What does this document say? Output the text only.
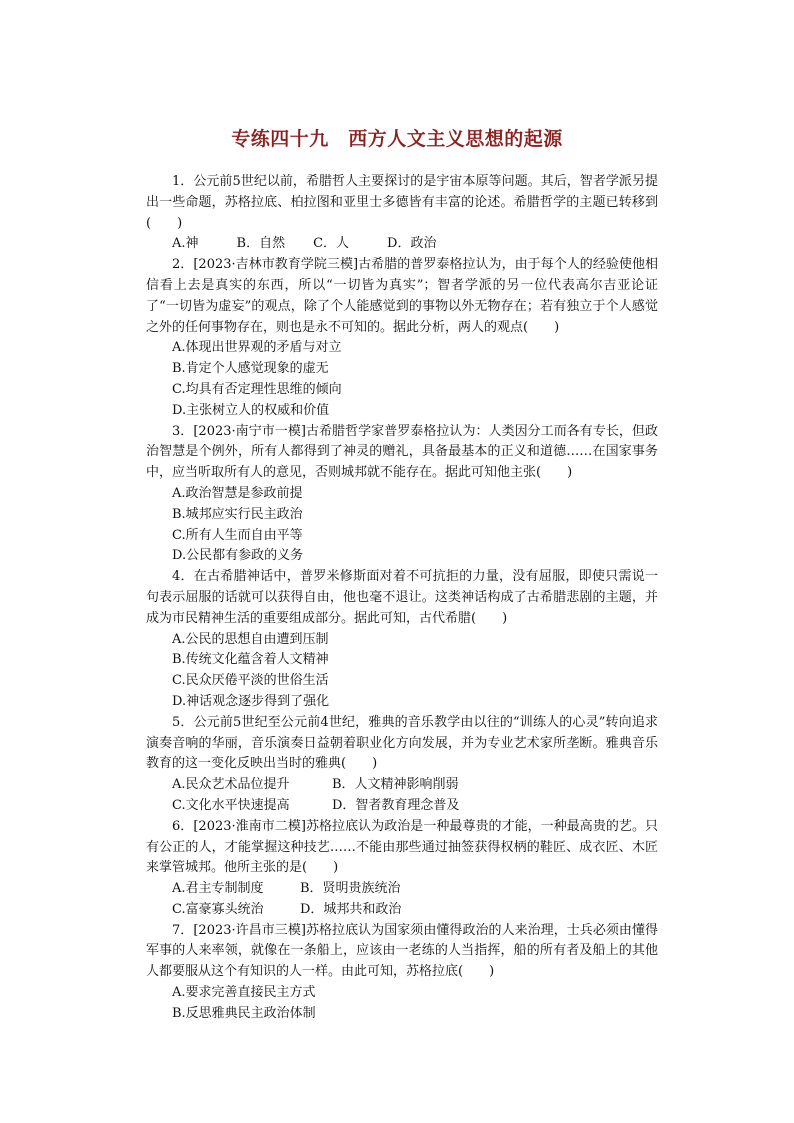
专练四十九　西方人文主义思想的起源

1．公元前5世纪以前，希腊哲人主要探讨的是宇宙本原等问题。其后，智者学派另提出一些命题，苏格拉底、柏拉图和亚里士多德皆有丰富的论述。希腊哲学的主题已转移到(　　)

A.神	B．自然 C．人	D．政治

2．[2023·吉林市教育学院三模]古希腊的普罗泰格拉认为，由于每个人的经验使他相信看上去是真实的东西，所以“一切皆为真实”；智者学派的另一位代表高尔吉亚论证了“一切皆为虚妄”的观点，除了个人能感觉到的事物以外无物存在；若有独立于个人感觉之外的任何事物存在，则也是永不可知的。据此分析，两人的观点(　　)

A.体现出世界观的矛盾与对立

B.肯定个人感觉现象的虚无

C.均具有否定理性思维的倾向

D.主张树立人的权威和价值

3．[2023·南宁市一模]古希腊哲学家普罗泰格拉认为：人类因分工而各有专长，但政治智慧是个例外，所有人都得到了神灵的赠礼，具备最基本的正义和道德……在国家事务中，应当听取所有人的意见，否则城邦就不能存在。据此可知他主张(　　)

A.政治智慧是参政前提

B.城邦应实行民主政治

C.所有人生而自由平等

D.公民都有参政的义务

4．在古希腊神话中，普罗米修斯面对着不可抗拒的力量，没有屈服，即使只需说一句表示屈服的话就可以获得自由，他也毫不退让。这类神话构成了古希腊悲剧的主题，并成为市民精神生活的重要组成部分。据此可知，古代希腊(　　)

A.公民的思想自由遭到压制

B.传统文化蕴含着人文精神

C.民众厌倦平淡的世俗生活

D.神话观念逐步得到了强化

5．公元前5世纪至公元前4世纪，雅典的音乐教学由以往的“训练人的心灵”转向追求演奏音响的华丽，音乐演奏日益朝着职业化方向发展，并为专业艺术家所垄断。雅典音乐教育的这一变化反映出当时的雅典(　　)

A.民众艺术品位提升	B．人文精神影响削弱
C.文化水平快速提高	D．智者教育理念普及

6．[2023·淮南市二模]苏格拉底认为政治是一种最尊贵的才能，一种最高贵的艺。只有公正的人，才能掌握这种技艺……不能由那些通过抽签获得权柄的鞋匠、成衣匠、木匠来掌管城邦。他所主张的是(　　)

A.君主专制制度	B．贤明贵族统治
C.富豪寡头统治	D．城邦共和政治

7．[2023·许昌市三模]苏格拉底认为国家须由懂得政治的人来治理，士兵必须由懂得军事的人来率领，就像在一条船上，应该由一老练的人当指挥，船的所有者及船上的其他人都要服从这个有知识的人一样。由此可知，苏格拉底(　　)

A.要求完善直接民主方式

B.反思雅典民主政治体制
